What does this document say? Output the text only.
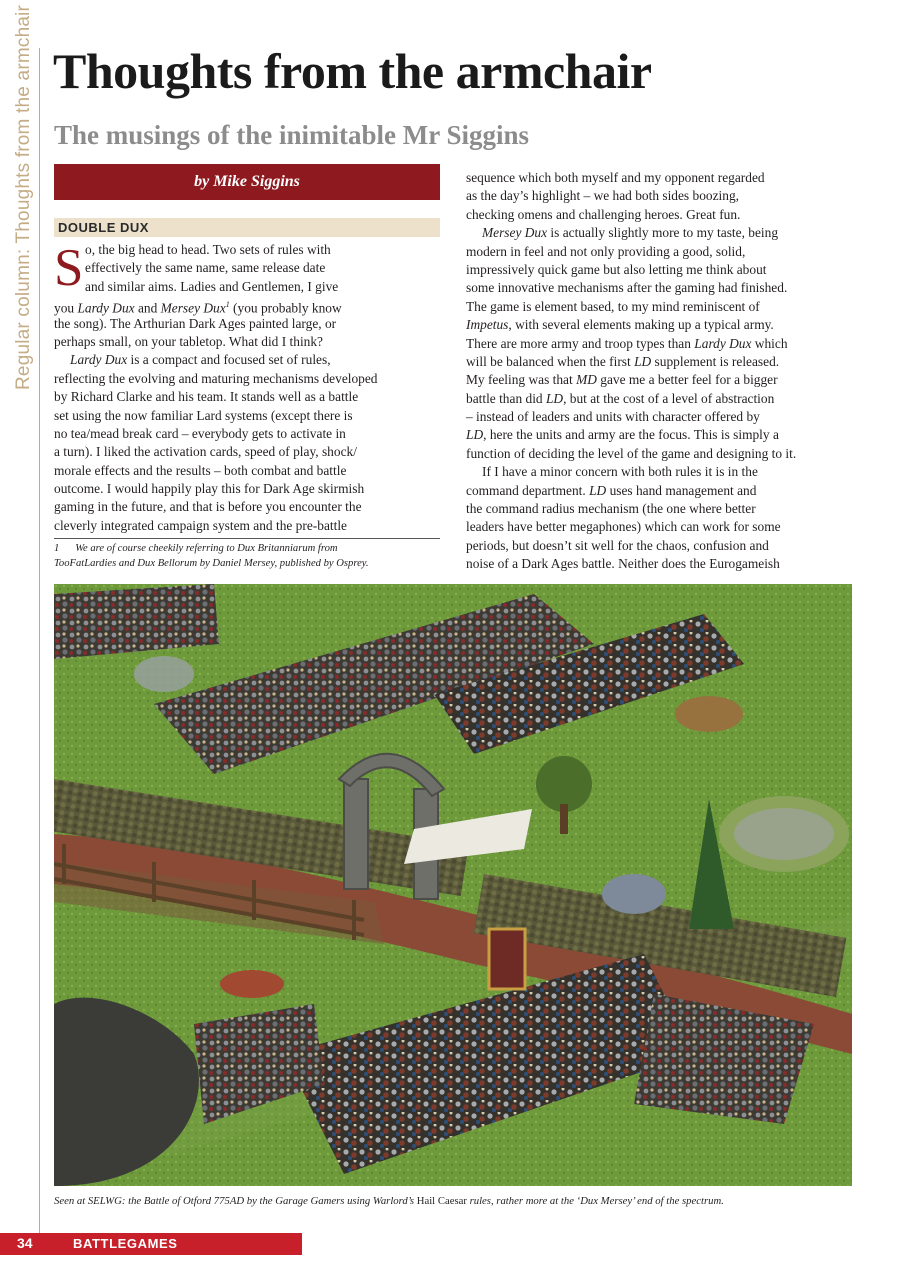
Regular column: Thoughts from the armchair Thoughts from the armchair
The musings of the inimitable Mr Siggins
by Mike Siggins
DOUBLE DUX
S o, the big head to head. Two sets of rules with
effectively the same name, same release date
and similar aims. Ladies and Gentlemen, I give
you Lardy Dux and Mersey Dux$^1$ (you probably know
the song). The Arthurian Dark Ages painted large, or
perhaps small, on your tabletop. What did I think?
Lardy Dux is a compact and focused set of rules,
reflecting the evolving and maturing mechanisms developed
by Richard Clarke and his team. It stands well as a battle
set using the now familiar Lard systems (except there is
no tea/mead break card – everybody gets to activate in
a turn). I liked the activation cards, speed of play, shock/
morale effects and the results – both combat and battle
outcome. I would happily play this for Dark Age skirmish
gaming in the future, and that is before you encounter the
cleverly integrated campaign system and the pre-battle
sequence which both myself and my opponent regarded
as the day’s highlight – we had both sides boozing,
checking omens and challenging heroes. Great fun.
Mersey Dux is actually slightly more to my taste, being
modern in feel and not only providing a good, solid,
impressively quick game but also letting me think about
some innovative mechanisms after the gaming had finished.
The game is element based, to my mind reminiscent of
Impetus, with several elements making up a typical army.
There are more army and troop types than Lardy Dux which
will be balanced when the first LD supplement is released.
My feeling was that MD gave me a better feel for a bigger
battle than did LD, but at the cost of a level of abstraction
– instead of leaders and units with character offered by
LD, here the units and army are the focus. This is simply a
function of deciding the level of the game and designing to it.
If I have a minor concern with both rules it is in the
command department. LD uses hand management and
the command radius mechanism (the one where better
leaders have better megaphones) which can work for some
periods, but doesn’t sit well for the chaos, confusion and
noise of a Dark Ages battle. Neither does the Eurogameish
1 We are of course cheekily referring to Dux Britanniarum from
TooFatLardies and Dux Bellorum by Daniel Mersey, published by Osprey.
Seen at SELWG: the Battle of Otford 775AD by the Garage Gamers using Warlord’s Hail Caesar rules, rather more at the ‘Dux Mersey’ end of the spectrum.
34	BATTLEGAMES
